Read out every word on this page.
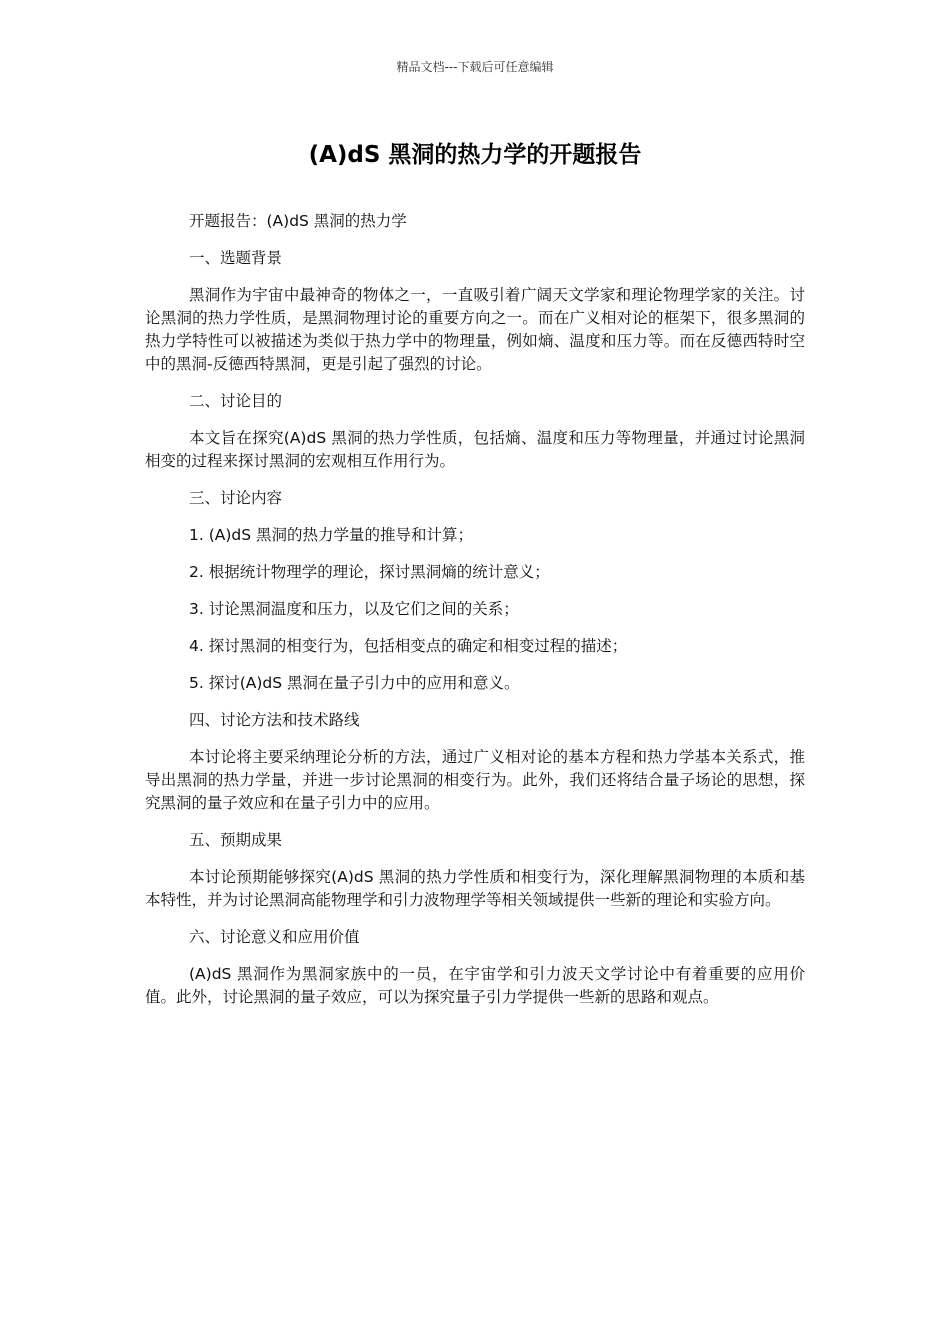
精品文档---下载后可任意编辑
(A)dS 黑洞的热力学的开题报告

开题报告：(A)dS 黑洞的热力学

一、选题背景

黑洞作为宇宙中最神奇的物体之一，一直吸引着广阔天文学家和理论物理学家的关注。讨论黑洞的热力学性质，是黑洞物理讨论的重要方向之一。而在广义相对论的框架下，很多黑洞的热力学特性可以被描述为类似于热力学中的物理量，例如熵、温度和压力等。而在反德西特时空中的黑洞-反德西特黑洞，更是引起了强烈的讨论。

二、讨论目的

本文旨在探究(A)dS 黑洞的热力学性质，包括熵、温度和压力等物理量，并通过讨论黑洞相变的过程来探讨黑洞的宏观相互作用行为。

三、讨论内容

1. (A)dS 黑洞的热力学量的推导和计算；

2. 根据统计物理学的理论，探讨黑洞熵的统计意义；

3. 讨论黑洞温度和压力，以及它们之间的关系；

4. 探讨黑洞的相变行为，包括相变点的确定和相变过程的描述；

5. 探讨(A)dS 黑洞在量子引力中的应用和意义。

四、讨论方法和技术路线

本讨论将主要采纳理论分析的方法，通过广义相对论的基本方程和热力学基本关系式，推导出黑洞的热力学量，并进一步讨论黑洞的相变行为。此外，我们还将结合量子场论的思想，探究黑洞的量子效应和在量子引力中的应用。

五、预期成果

本讨论预期能够探究(A)dS 黑洞的热力学性质和相变行为，深化理解黑洞物理的本质和基本特性，并为讨论黑洞高能物理学和引力波物理学等相关领域提供一些新的理论和实验方向。

六、讨论意义和应用价值

(A)dS 黑洞作为黑洞家族中的一员，在宇宙学和引力波天文学讨论中有着重要的应用价值。此外，讨论黑洞的量子效应，可以为探究量子引力学提供一些新的思路和观点。
